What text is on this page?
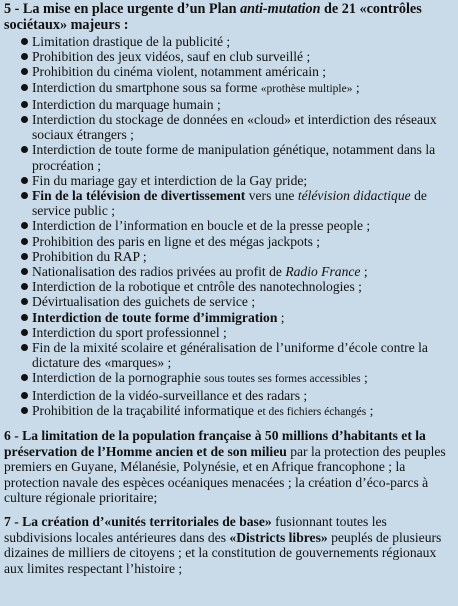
5 - La mise en place urgente d’un Plan anti-mutation de 21 «contrôles sociétaux» majeurs :

Limitation drastique de la publicité ;
Prohibition des jeux vidéos, sauf en club surveillé ;
Prohibition du cinéma violent, notamment américain ;
Interdiction du smartphone sous sa forme «prothèse multiple» ;
Interdiction du marquage humain ;
Interdiction du stockage de données en «cloud» et interdiction des réseaux sociaux étrangers ;
Interdiction de toute forme de manipulation génétique, notamment dans la procréation ;
Fin du mariage gay et interdiction de la Gay pride;
Fin de la télévision de divertissement vers une télévision didactique de service public ;
Interdiction de l’information en boucle et de la presse people ;
Prohibition des paris en ligne et des mégas jackpots ;
Prohibition du RAP ;
Nationalisation des radios privées au profit de Radio France ;
Interdiction de la robotique et cntrôle des nanotechnologies ;
Dévirtualisation des guichets de service ;
Interdiction de toute forme d’immigration ;
Interdiction du sport professionnel ;
Fin de la mixité scolaire et généralisation de l’uniforme d’école contre la dictature des «marques» ;
Interdiction de la pornographie sous toutes ses formes accessibles ;
Interdiction de la vidéo-surveillance et des radars ;
Prohibition de la traçabilité informatique et des fichiers échangés ;

6 - La limitation de la population française à 50 millions d’habitants et la préservation de l’Homme ancien et de son milieu par la protection des peuples premiers en Guyane, Mélanésie, Polynésie, et en Afrique francophone ; la protection navale des espèces océaniques menacées ; la création d’éco-parcs à culture régionale prioritaire;

7 - La création d’«unités territoriales de base» fusionnant toutes les subdivisions locales antérieures dans des «Districts libres» peuplés de plusieurs dizaines de milliers de citoyens ; et la constitution de gouvernements régionaux aux limites respectant l’histoire ;
